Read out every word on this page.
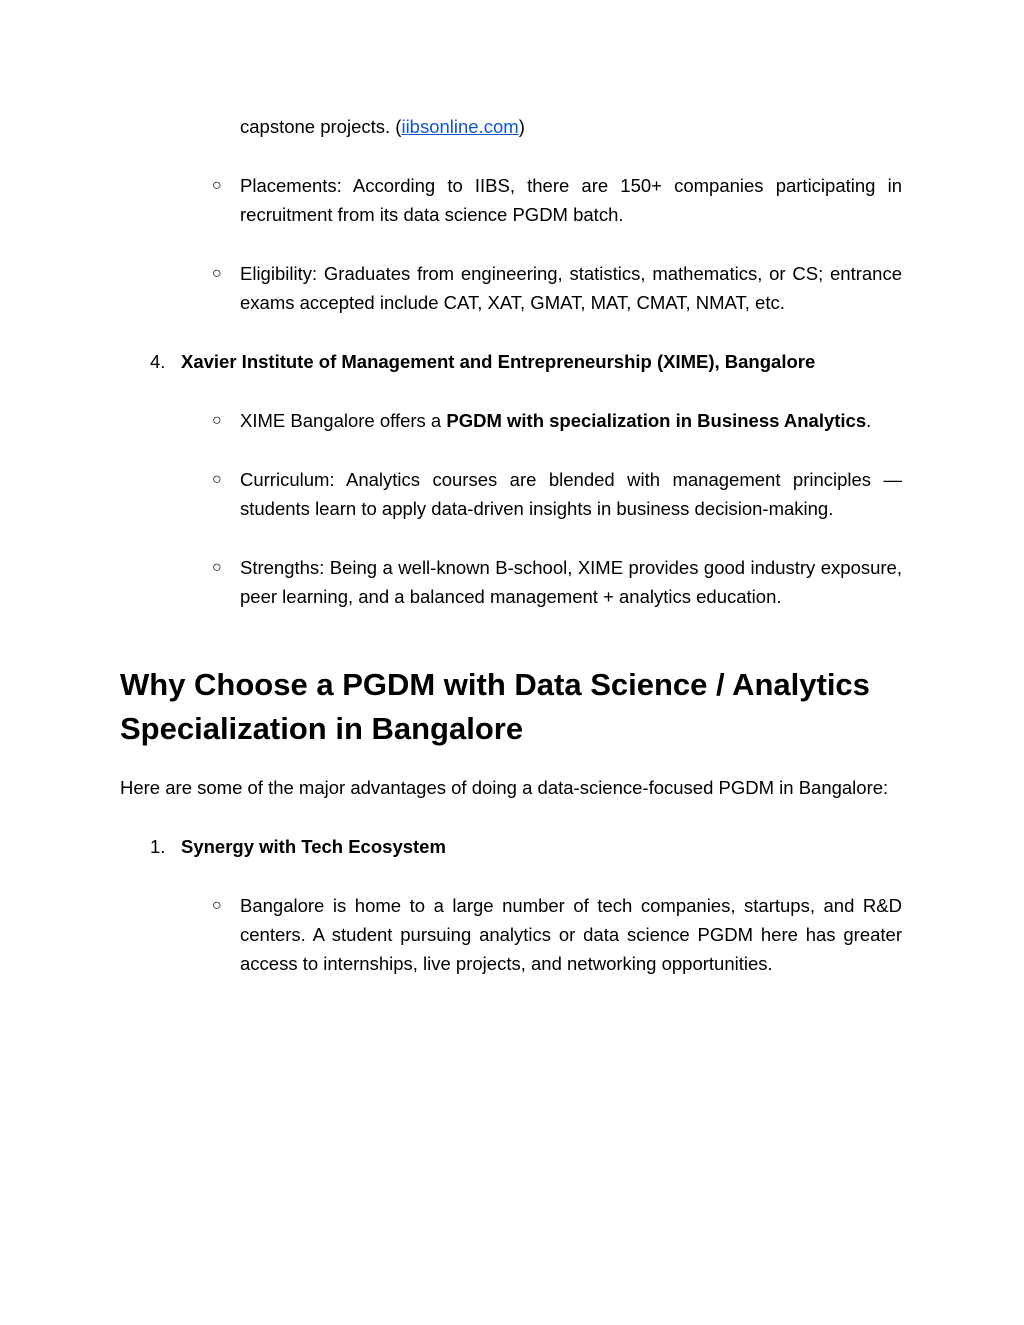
capstone projects. (iibsonline.com)

○ Placements: According to IIBS, there are 150+ companies participating in recruitment from its data science PGDM batch.
○ Eligibility: Graduates from engineering, statistics, mathematics, or CS; entrance exams accepted include CAT, XAT, GMAT, MAT, CMAT, NMAT, etc.
4. Xavier Institute of Management and Entrepreneurship (XIME), Bangalore
○ XIME Bangalore offers a PGDM with specialization in Business Analytics.
○ Curriculum: Analytics courses are blended with management principles — students learn to apply data-driven insights in business decision-making.
○ Strengths: Being a well-known B-school, XIME provides good industry exposure, peer learning, and a balanced management + analytics education.
Why Choose a PGDM with Data Science / Analytics Specialization in Bangalore

Here are some of the major advantages of doing a data-science-focused PGDM in Bangalore:

1. Synergy with Tech Ecosystem
○ Bangalore is home to a large number of tech companies, startups, and R&D centers. A student pursuing analytics or data science PGDM here has greater access to internships, live projects, and networking opportunities.
